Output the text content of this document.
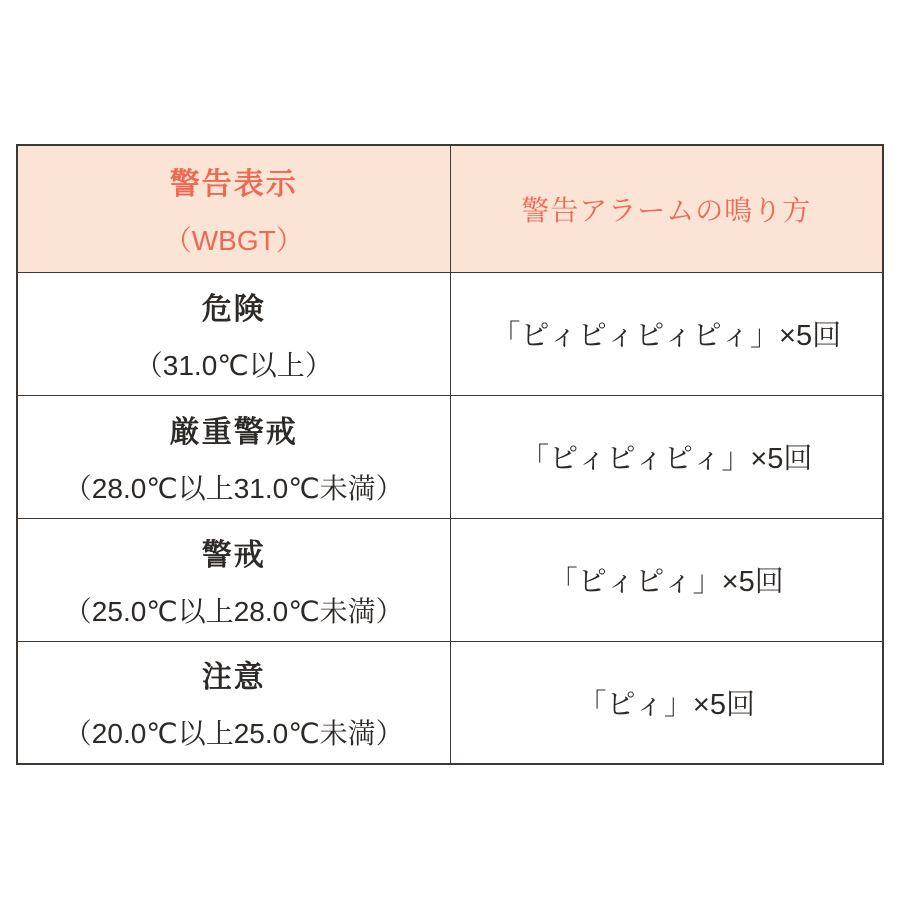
警告表示
（WBGT）	警告アラームの鳴り方

危険
（31.0℃以上）	「ピィピィピィピィ」×5回

厳重警戒
（28.0℃以上31.0℃未満）	「ピィピィピィ」×5回

警戒
（25.0℃以上28.0℃未満）	「ピィピィ」×5回

注意
（20.0℃以上25.0℃未満）	「ピィ」×5回
